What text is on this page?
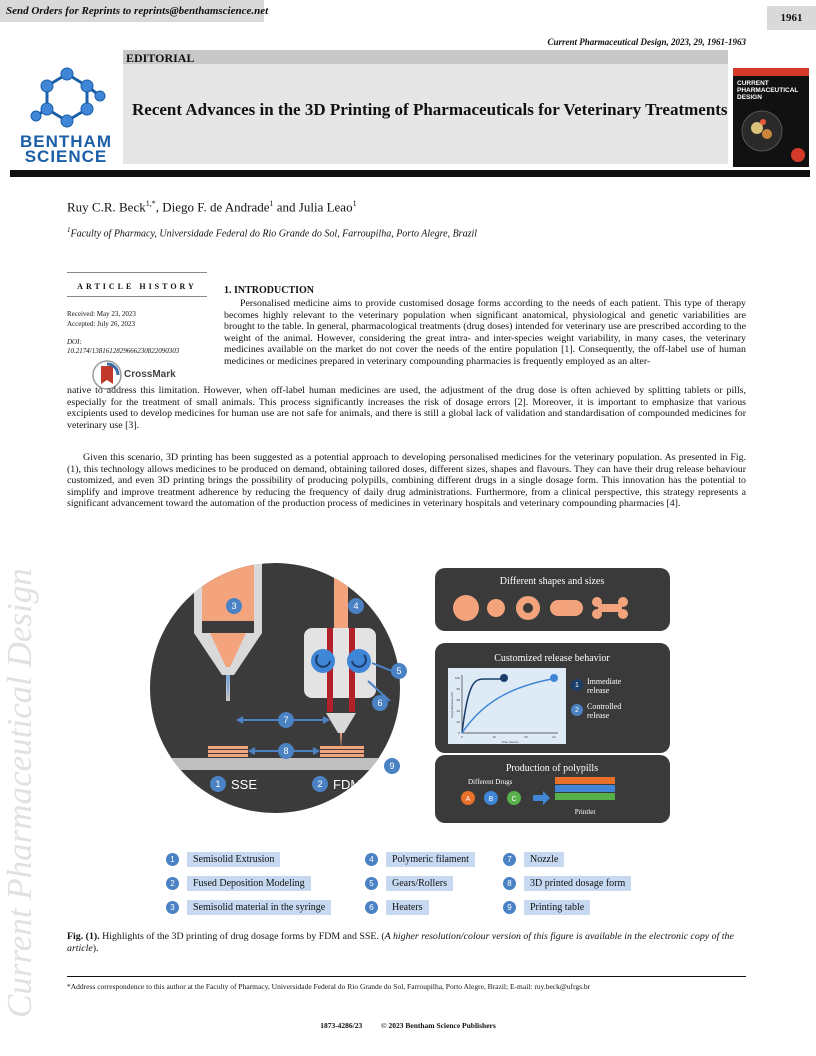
Send Orders for Reprints to reprints@benthamscience.net
1961
Current Pharmaceutical Design, 2023, 29, 1961-1963
EDITORIAL
Recent Advances in the 3D Printing of Pharmaceuticals for Veterinary Treatments
BENTHAM
SCIENCE
CURRENT
PHARMACEUTICAL
DESIGN
Ruy C.R. Beck$^{1,*}$, Diego F. de Andrade$^1$ and Julia Leao$^1$
$^1$Faculty of Pharmacy, Universidade Federal do Rio Grande do Sol, Farroupilha, Porto Alegre, Brazil
ARTICLE HISTORY
Received: May 23, 2023
Accepted: July 26, 2023
DOI:
10.2174/1381612829666230822090303
CrossMark
1. INTRODUCTION
Personalised medicine aims to provide customised dosage forms according to the needs of each patient. This type of therapy becomes highly relevant to the veterinary population when significant anatomical, physiological and genetic variabilities are brought to the table. In general, pharmacological treatments (drug doses) intended for veterinary use are prescribed according to the weight of the animal. However, considering the great intra- and inter-species weight variability, in many cases, the veterinary medicines available on the market do not cover the needs of the entire population [1]. Consequently, the off-label use of human medicines or medicines prepared in veterinary compounding pharmacies is frequently employed as an alter-
native to address this limitation. However, when off-label human medicines are used, the adjustment of the drug dose is often achieved by splitting tablets or pills, especially for the treatment of small animals. This process significantly increases the risk of dosage errors [2]. Moreover, it is important to emphasize that various excipients used to develop medicines for human use are not safe for animals, and there is still a global lack of validation and standardisation of compounded medicines for veterinary use [3].
Given this scenario, 3D printing has been suggested as a potential approach to developing personalised medicines for the veterinary population. As presented in Fig. (1), this technology allows medicines to be produced on demand, obtaining tailored doses, different sizes, shapes and flavours. They can have their drug release behaviour customized, and even 3D printing brings the possibility of producing polypills, combining different drugs in a single dosage form. This innovation has the potential to simplify and improve treatment adherence by reducing the frequency of daily drug administrations. Furthermore, from a clinical perspective, this strategy represents a significant advancement toward the automation of the production process of medicines in veterinary hospitals and veterinary compounding pharmacies [4].
Current Pharmaceutical Design	3	4
5
6
7
8
9
1	2
SSE	FDM
Different shapes and sizes
Customized release behavior
0	10	20	24
Time (hours)
100
80
60
40
20
0
Drug Released (%)
1
2
Immediate
release
Controlled
release
Production of polypills
Different Drugs
A	B	C
Printlet
1	Semisolid Extrusion
2	Fused Deposition Modeling
3	Semisolid material in the syringe
4	Polymeric filament
5	Gears/Rollers
6	Heaters
7	Nozzle
8	3D printed dosage form
9	Printing table
Fig. (1). Highlights of the 3D printing of drug dosage forms by FDM and SSE. (A higher resolution/colour version of this figure is available in the electronic copy of the article).
*Address correspondence to this author at the Faculty of Pharmacy, Universidade Federal do Rio Grande do Sol, Farroupilha, Porto Alegre, Brazil; E-mail: ruy.beck@ufrgs.br
1873-4286/23	© 2023 Bentham Science Publishers
